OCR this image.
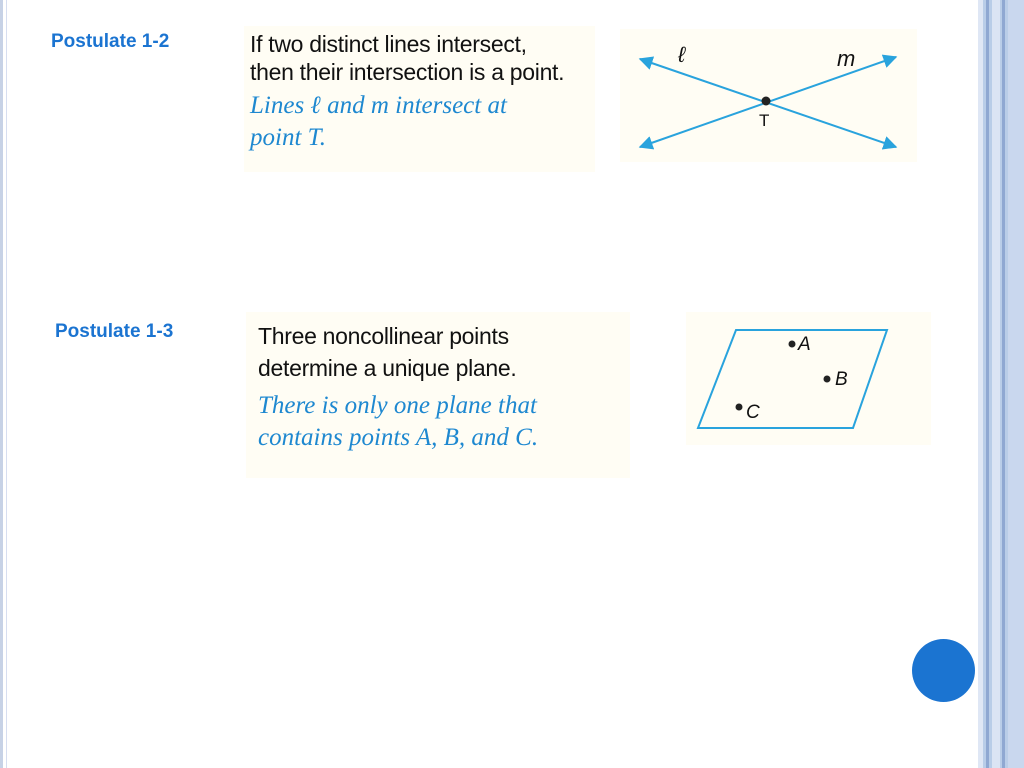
Postulate 1-2	If two distinct lines intersect,
then their intersection is a point.
Lines ℓ and m intersect at
point T.
ℓ	m
T
Postulate 1-3	Three noncollinear points
determine a unique plane.
There is only one plane that
contains points A, B, and C.
A
B
C
